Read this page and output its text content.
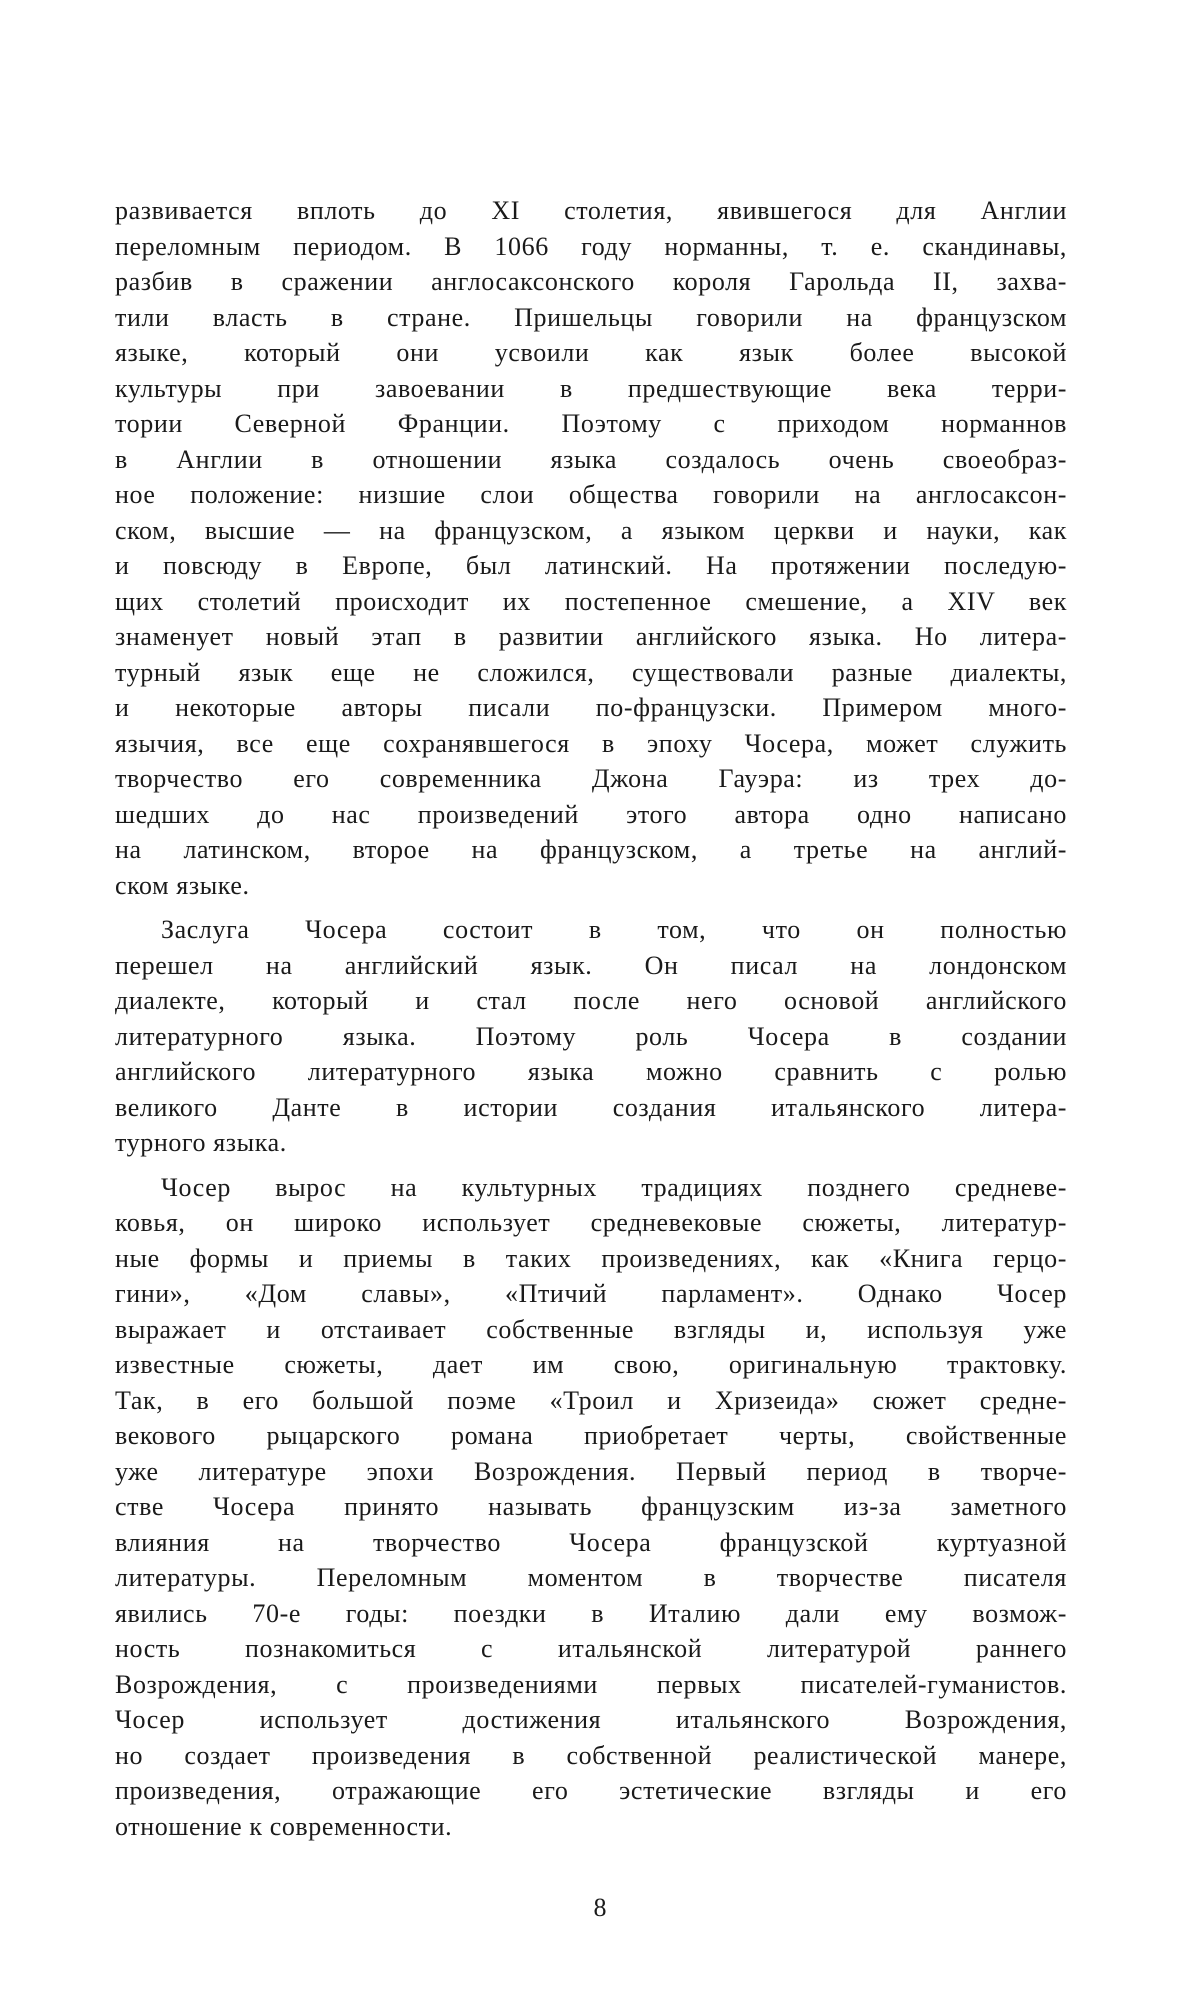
развивается вплоть до XI столетия, явившегося для Англии
переломным периодом. В 1066 году норманны, т. е. скандинавы,
разбив в сражении англосаксонского короля Гарольда II, захва-
тили власть в стране. Пришельцы говорили на французском
языке, который они усвоили как язык более высокой
культуры при завоевании в предшествующие века терри-
тории Северной Франции. Поэтому с приходом норманнов
в Англии в отношении языка создалось очень своеобраз-
ное положение: низшие слои общества говорили на англосаксон-
ском, высшие — на французском, а языком церкви и науки, как
и повсюду в Европе, был латинский. На протяжении последую-
щих столетий происходит их постепенное смешение, а XIV век
знаменует новый этап в развитии английского языка. Но литера-
турный язык еще не сложился, существовали разные диалекты,
и некоторые авторы писали по-французски. Примером много-
язычия, все еще сохранявшегося в эпоху Чосера, может служить
творчество его современника Джона Гауэра: из трех до-
шедших до нас произведений этого автора одно написано
на латинском, второе на французском, а третье на англий-
ском языке.
Заслуга Чосера состоит в том, что он полностью
перешел на английский язык. Он писал на лондонском
диалекте, который и стал после него основой английского
литературного языка. Поэтому роль Чосера в создании
английского литературного языка можно сравнить с ролью
великого Данте в истории создания итальянского литера-
турного языка.
Чосер вырос на культурных традициях позднего средневе-
ковья, он широко использует средневековые сюжеты, литератур-
ные формы и приемы в таких произведениях, как «Книга герцо-
гини», «Дом славы», «Птичий парламент». Однако Чосер
выражает и отстаивает собственные взгляды и, используя уже
известные сюжеты, дает им свою, оригинальную трактовку.
Так, в его большой поэме «Троил и Хризеида» сюжет средне-
векового рыцарского романа приобретает черты, свойственные
уже литературе эпохи Возрождения. Первый период в творче-
стве Чосера принято называть французским из-за заметного
влияния на творчество Чосера французской куртуазной
литературы. Переломным моментом в творчестве писателя
явились 70-е годы: поездки в Италию дали ему возмож-
ность познакомиться с итальянской литературой раннего
Возрождения, с произведениями первых писателей-гуманистов.
Чосер использует достижения итальянского Возрождения,
но создает произведения в собственной реалистической манере,
произведения, отражающие его эстетические взгляды и его
отношение к современности.
8
